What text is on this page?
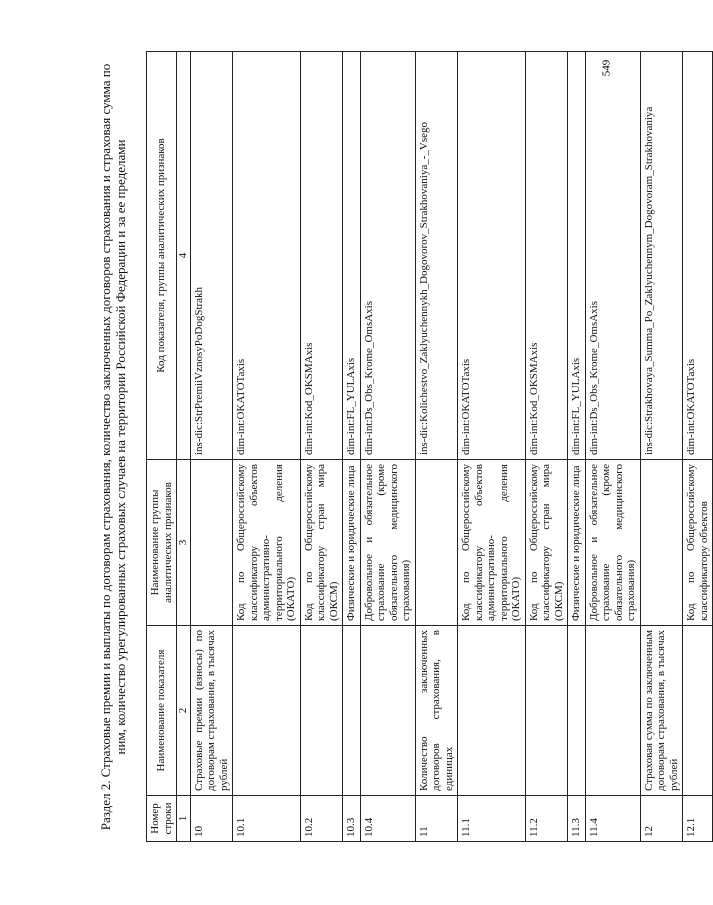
Раздел 2. Страховые премии и выплаты по договорам страхования, количество заключенных договоров страхования и страховая сумма по ним, количество урегулированных страховых случаев на территории Российской Федерации и за ее пределами
Номер строки	Наименование показателя	Наименование группы аналитических признаков	Код показателя, группы аналитических признаков
1	2	3	4
10	Страховые премии (взносы) по договорам страхования, в тысячах рублей		ins-dic:StrPremiiVznosyPoDogStrakh
10.1		Код по Общероссийскому классификатору объектов административно-территориального деления (ОКАТО)	dim-int:OKATOTaxis
10.2		Код по Общероссийскому классификатору стран мира (ОКСМ)	dim-int:Kod_OKSMAxis
10.3		Физические и юридические лица	dim-int:FL_YULAxis
10.4		Добровольное и обязательное страхование (кроме обязательного медицинского страхования)	dim-int:Ds_Obs_Krome_OmsAxis
11	Количество заключенных договоров страхования, в единицах		ins-dic:Kolichestvo_Zaklyuchennykh_Dogovorov_Strakhovaniya_-_Vsego
11.1		Код по Общероссийскому классификатору объектов административно-территориального деления (ОКАТО)	dim-int:OKATOTaxis
11.2		Код по Общероссийскому классификатору стран мира (ОКСМ)	dim-int:Kod_OKSMAxis
11.3		Физические и юридические лица	dim-int:FL_YULAxis
11.4		Добровольное и обязательное страхование (кроме обязательного медицинского страхования)	dim-int:Ds_Obs_Krome_OmsAxis
12	Страховая сумма по заключенным договорам страхования, в тысячах рублей		ins-dic:Strakhovaya_Summa_Po_Zaklyuchennym_Dogovoram_Strakhovaniya
12.1		Код по Общероссийскому классификатору объектов	dim-int:OKATOTaxis
549
